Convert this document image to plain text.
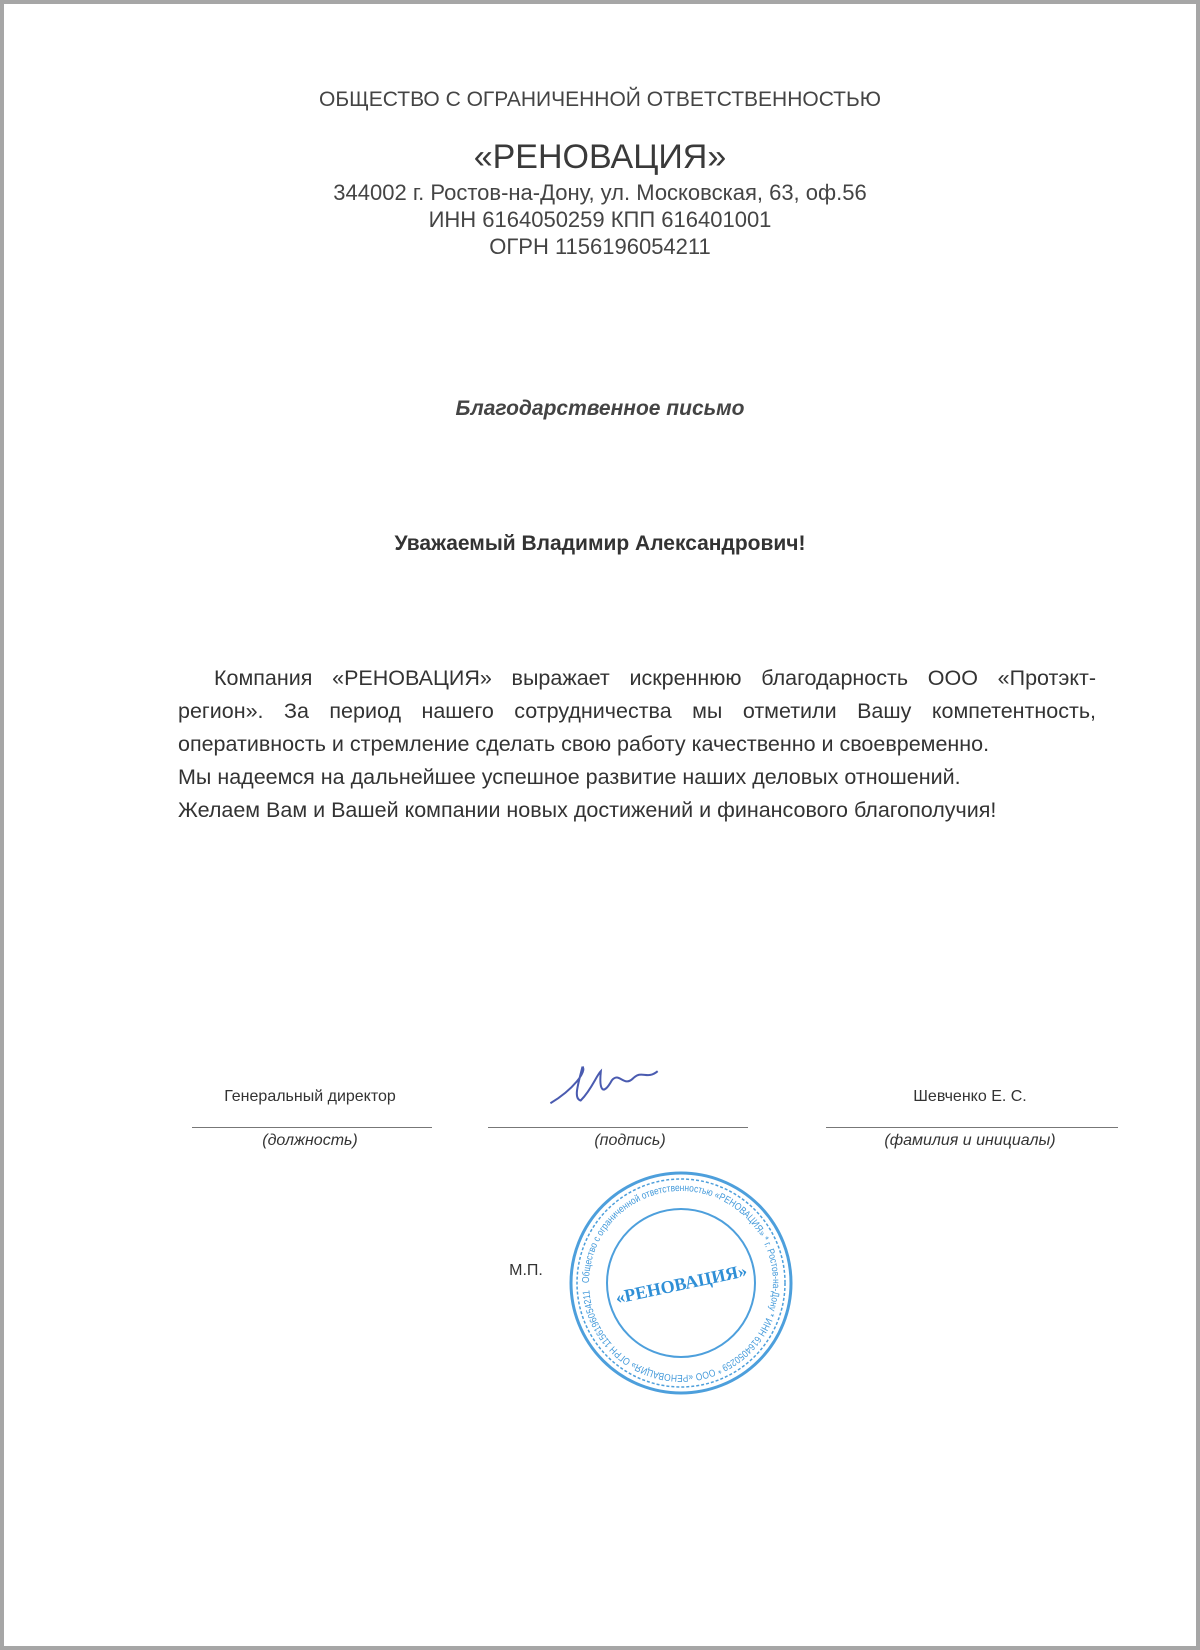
ОБЩЕСТВО С ОГРАНИЧЕННОЙ ОТВЕТСТВЕННОСТЬЮ
«РЕНОВАЦИЯ»
344002 г. Ростов-на-Дону, ул. Московская, 63, оф.56
ИНН 6164050259 КПП 616401001
ОГРН 1156196054211
Благодарственное письмо
Уважаемый Владимир Александрович!

Компания «РЕНОВАЦИЯ» выражает искреннюю благодарность ООО «Протэкт-регион». За период нашего сотрудничества мы отметили Вашу компетентность, оперативность и стремление сделать свою работу качественно и своевременно.

Мы надеемся на дальнейшее успешное развитие наших деловых отношений.

Желаем Вам и Вашей компании новых достижений и финансового благополучия!

Генеральный директор
(должность)	(подпись)
М.П.
Шевченко Е. С.
(фамилия и инициалы)
Общество с ограниченной ответственностью «РЕНОВАЦИЯ» * г. Ростов-на-Дону * ИНН 6164050259 * ООО «РЕНОВАЦИЯ» ОГРН 1156196054211	«РЕНОВАЦИЯ»
